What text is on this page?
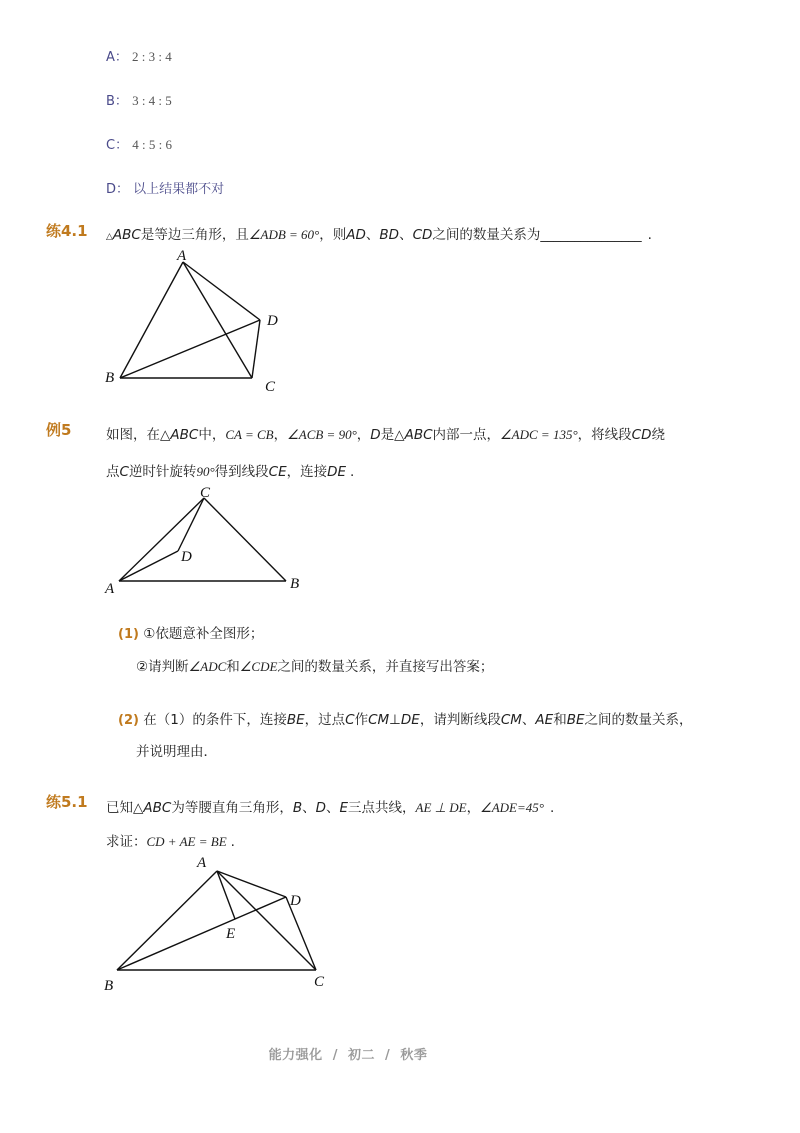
A： 2 : 3 : 4
B： 3 : 4 : 5
C： 4 : 5 : 6
D： 以上结果都不对
练4.1 △ABC是等边三角形，且∠ADB = 60°，则AD、BD、CD之间的数量关系为_______________ .
A
B
C
D
例5	如图，在△ABC中，CA = CB，∠ACB = 90°，D是△ABC内部一点，∠ADC = 135°，将线段CD绕
点C逆时针旋转90°得到线段CE，连接DE .
C
A	B
D
(1) ①依题意补全图形；
②请判断∠ADC和∠CDE之间的数量关系，并直接写出答案；
(2) 在（1）的条件下，连接BE，过点C作CM⊥DE，请判断线段CM、AE和BE之间的数量关系，
并说明理由．
练5.1 已知△ABC为等腰直角三角形，B、D、E三点共线，AE ⊥ DE，∠ADE=45° .
求证：CD + AE = BE .
A
B	C
D
E
能力强化  /  初二  /  秋季
